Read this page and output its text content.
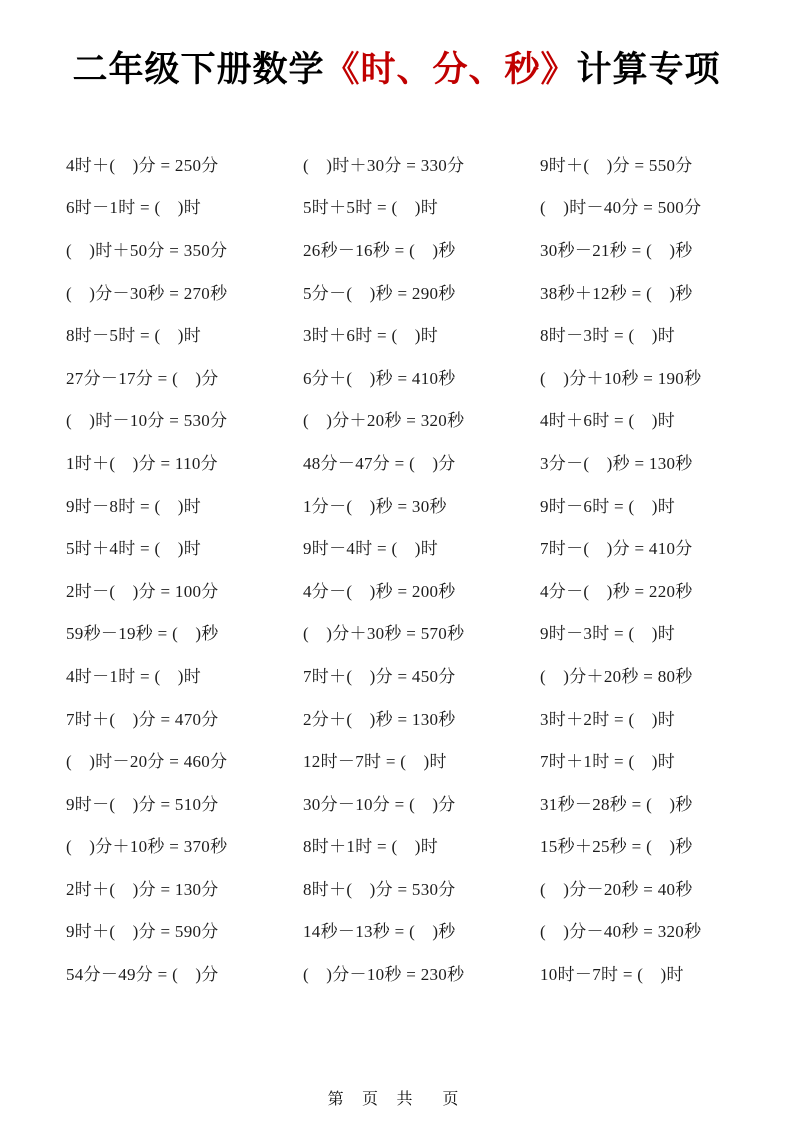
二年级下册数学《时、分、秒》计算专项
4时＋(　)分 = 250分
6时－1时 = (　)时
(　)时＋50分 = 350分
(　)分－30秒 = 270秒
8时－5时 = (　)时
27分－17分 = (　)分
(　)时－10分 = 530分
1时＋(　)分 = 110分
9时－8时 = (　)时
5时＋4时 = (　)时
2时－(　)分 = 100分
59秒－19秒 = (　)秒
4时－1时 = (　)时
7时＋(　)分 = 470分
(　)时－20分 = 460分
9时－(　)分 = 510分
(　)分＋10秒 = 370秒
2时＋(　)分 = 130分
9时＋(　)分 = 590分
54分－49分 = (　)分
(　)时＋30分 = 330分
5时＋5时 = (　)时
26秒－16秒 = (　)秒
5分－(　)秒 = 290秒
3时＋6时 = (　)时
6分＋(　)秒 = 410秒
(　)分＋20秒 = 320秒
48分－47分 = (　)分
1分－(　)秒 = 30秒
9时－4时 = (　)时
4分－(　)秒 = 200秒
(　)分＋30秒 = 570秒
7时＋(　)分 = 450分
2分＋(　)秒 = 130秒
12时－7时 = (　)时
30分－10分 = (　)分
8时＋1时 = (　)时
8时＋(　)分 = 530分
14秒－13秒 = (　)秒
(　)分－10秒 = 230秒
9时＋(　)分 = 550分
(　)时－40分 = 500分
30秒－21秒 = (　)秒
38秒＋12秒 = (　)秒
8时－3时 = (　)时
(　)分＋10秒 = 190秒
4时＋6时 = (　)时
3分－(　)秒 = 130秒
9时－6时 = (　)时
7时－(　)分 = 410分
4分－(　)秒 = 220秒
9时－3时 = (　)时
(　)分＋20秒 = 80秒
3时＋2时 = (　)时
7时＋1时 = (　)时
31秒－28秒 = (　)秒
15秒＋25秒 = (　)秒
(　)分－20秒 = 40秒
(　)分－40秒 = 320秒
10时－7时 = (　)时
第 页 共  页
